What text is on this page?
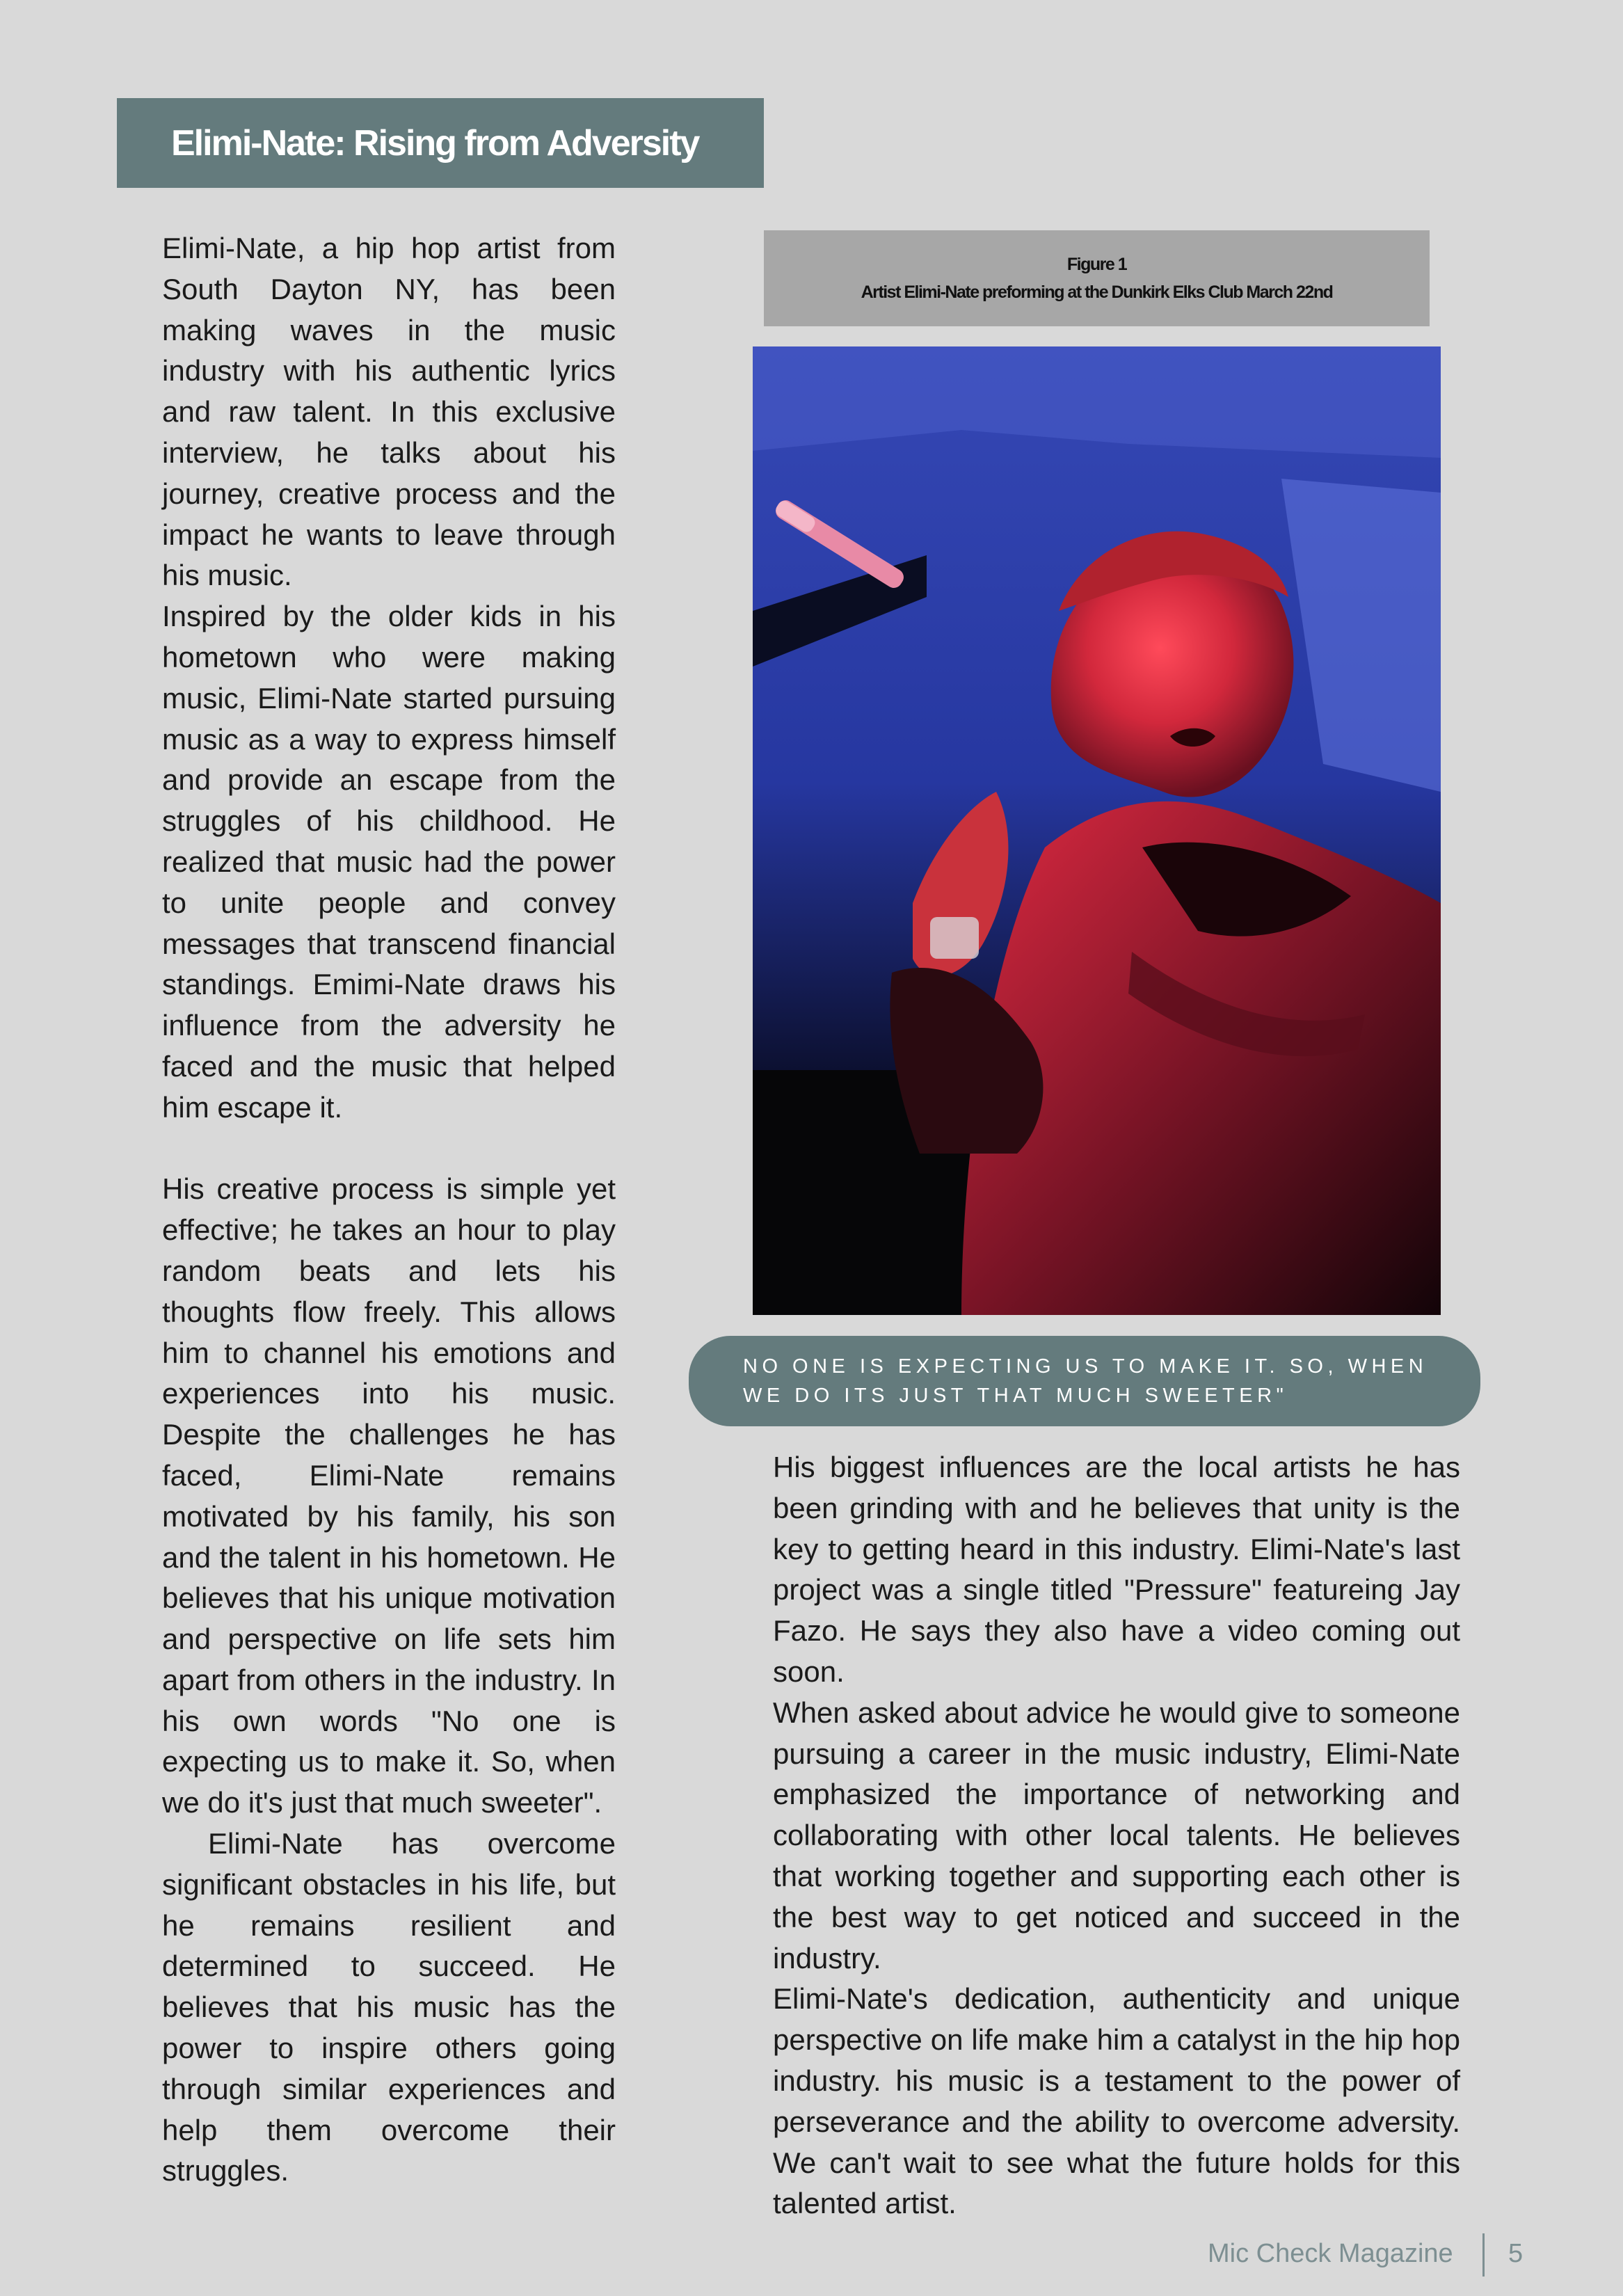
Elimi-Nate: Rising from Adversity

Elimi-Nate, a hip hop artist from South Dayton NY, has been making waves in the music industry with his authentic lyrics and raw talent. In this exclusive interview, he talks about his journey, creative process and the impact he wants to leave through his music.

Inspired by the older kids in his hometown who were making music, Elimi-Nate started pursuing music as a way to express himself and provide an escape from the struggles of his childhood. He realized that music had the power to unite people and convey messages that transcend financial standings. Emimi-Nate draws his influence from the adversity he faced and the music that helped him escape it.

His creative process is simple yet effective; he takes an hour to play random beats and lets his thoughts flow freely. This allows him to channel his emotions and experiences into his music. Despite the challenges he has faced, Elimi-Nate remains motivated by his family, his son and the talent in his hometown. He believes that his unique motivation and perspective on life sets him apart from others in the industry. In his own words "No one is expecting us to make it. So, when we do it's just that much sweeter".

Elimi-Nate has overcome significant obstacles in his life, but he remains resilient and determined to succeed. He believes that his music has the power to inspire others going through similar experiences and help them overcome their struggles.

Figure 1
Artist Elimi-Nate preforming at the Dunkirk Elks Club March 22nd
NO ONE IS EXPECTING US TO MAKE IT. SO, WHEN
WE DO ITS JUST THAT MUCH SWEETER"

His biggest influences are the local artists he has been grinding with and he believes that unity is the key to getting heard in this industry. Elimi-Nate's last project was a single titled "Pressure" featureing Jay Fazo. He says they also have a video coming out soon.

When asked about advice he would give to someone pursuing a career in the music industry, Elimi-Nate emphasized the importance of networking and collaborating with other local talents. He believes that working together and supporting each other is the best way to get noticed and succeed in the industry.

Elimi-Nate's dedication, authenticity and unique perspective on life make him a catalyst in the hip hop industry. his music is a testament to the power of perseverance and the ability to overcome adversity. We can't wait to see what the future holds for this talented artist.

Mic Check Magazine 5
